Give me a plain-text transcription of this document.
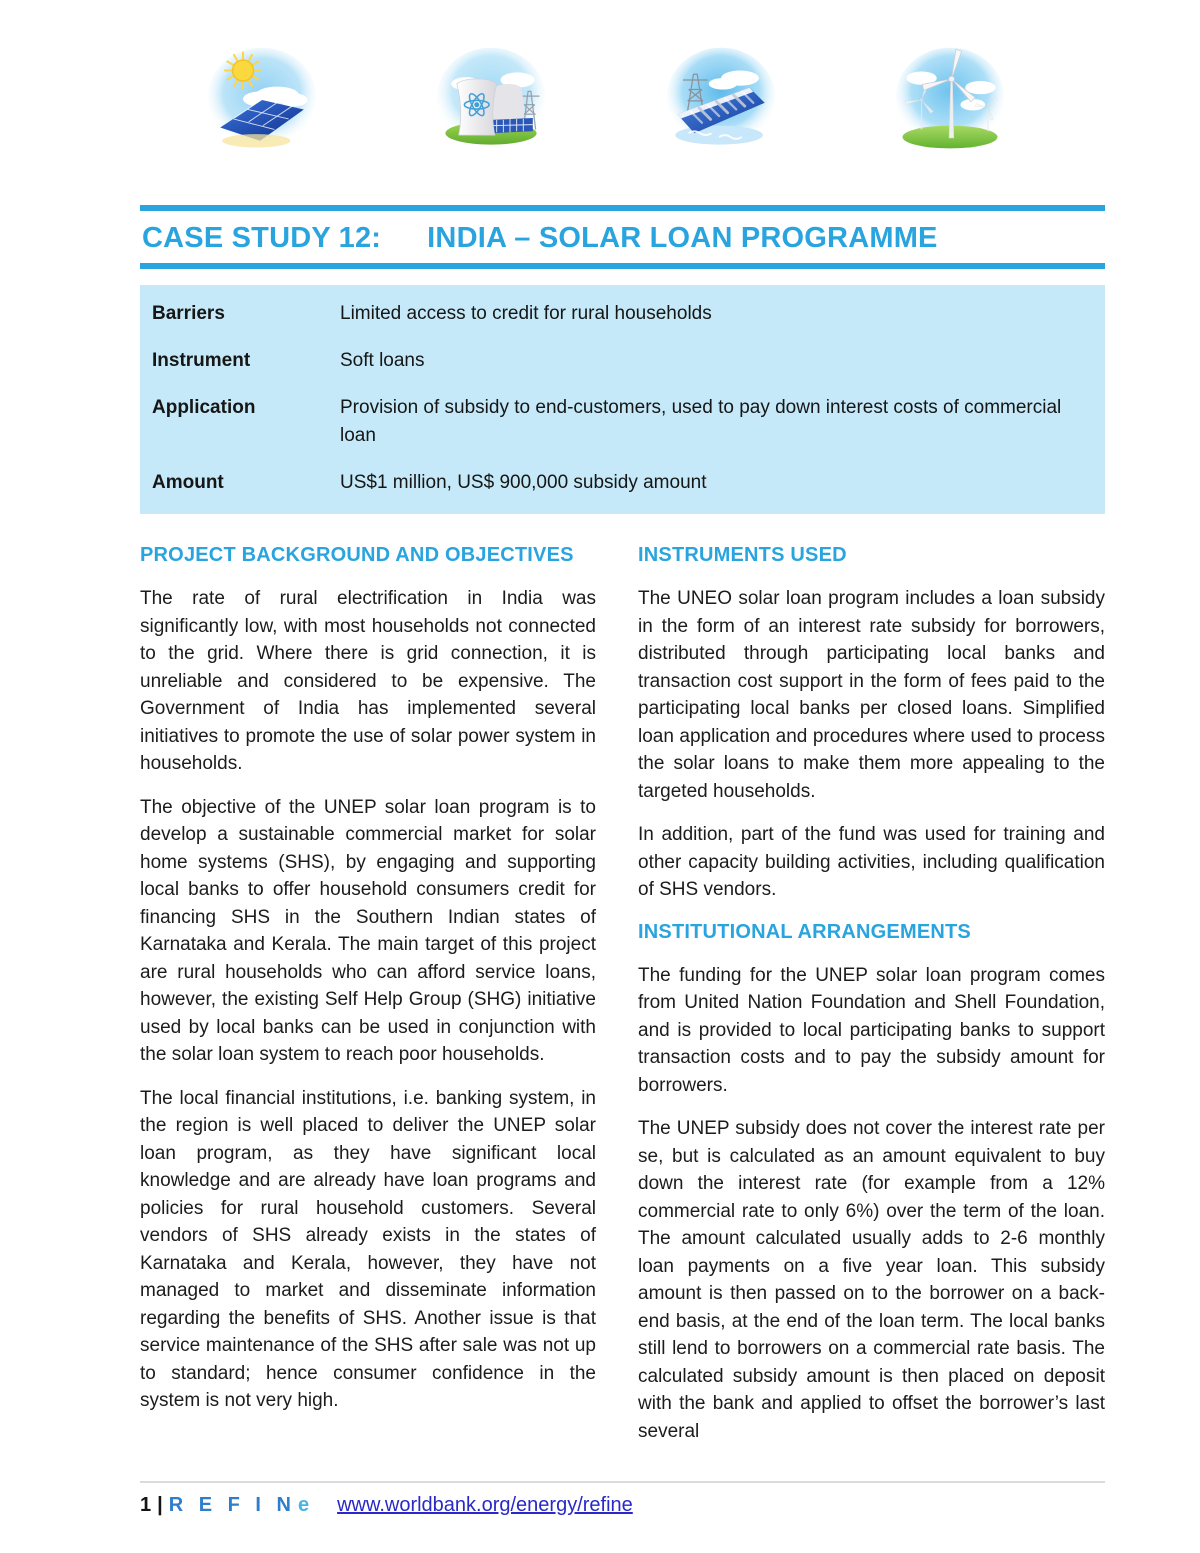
CASE STUDY 12: INDIA – SOLAR LOAN PROGRAMME
Barriers	Limited access to credit for rural households
Instrument	Soft loans
Application	Provision of subsidy to end-customers, used to pay down interest costs of commercial loan
Amount	US$1 million, US$ 900,000 subsidy amount
PROJECT BACKGROUND AND OBJECTIVES

The rate of rural electrification in India was significantly low, with most households not connected to the grid. Where there is grid connection, it is unreliable and considered to be expensive. The Government of India has implemented several initiatives to promote the use of solar power system in households.

The objective of the UNEP solar loan program is to develop a sustainable commercial market for solar home systems (SHS), by engaging and supporting local banks to offer household consumers credit for financing SHS in the Southern Indian states of Karnataka and Kerala. The main target of this project are rural households who can afford service loans, however, the existing Self Help Group (SHG) initiative used by local banks can be used in conjunction with the solar loan system to reach poor households.

The local financial institutions, i.e. banking system, in the region is well placed to deliver the UNEP solar loan program, as they have significant local knowledge and are already have loan programs and policies for rural household customers. Several vendors of SHS already exists in the states of Karnataka and Kerala, however, they have not managed to market and disseminate information regarding the benefits of SHS. Another issue is that service maintenance of the SHS after sale was not up to standard; hence consumer confidence in the system is not very high.

INSTRUMENTS USED

The UNEO solar loan program includes a loan subsidy in the form of an interest rate subsidy for borrowers, distributed through participating local banks and transaction cost support in the form of fees paid to the participating local banks per closed loans. Simplified loan application and procedures where used to process the solar loans to make them more appealing to the targeted households.

In addition, part of the fund was used for training and other capacity building activities, including qualification of SHS vendors.

INSTITUTIONAL ARRANGEMENTS

The funding for the UNEP solar loan program comes from United Nation Foundation and Shell Foundation, and is provided to local participating banks to support transaction costs and to pay the subsidy amount for borrowers.

The UNEP subsidy does not cover the interest rate per se, but is calculated as an amount equivalent to buy down the interest rate (for example from a 12% commercial rate to only 6%) over the term of the loan. The amount calculated usually adds to 2-6 monthly loan payments on a five year loan. This subsidy amount is then passed on to the borrower on a back-end basis, at the end of the loan term. The local banks still lend to borrowers on a commercial rate basis. The calculated subsidy amount is then placed on deposit with the bank and applied to offset the borrower’s last several

1 | R E F I N e www.worldbank.org/energy/refine
